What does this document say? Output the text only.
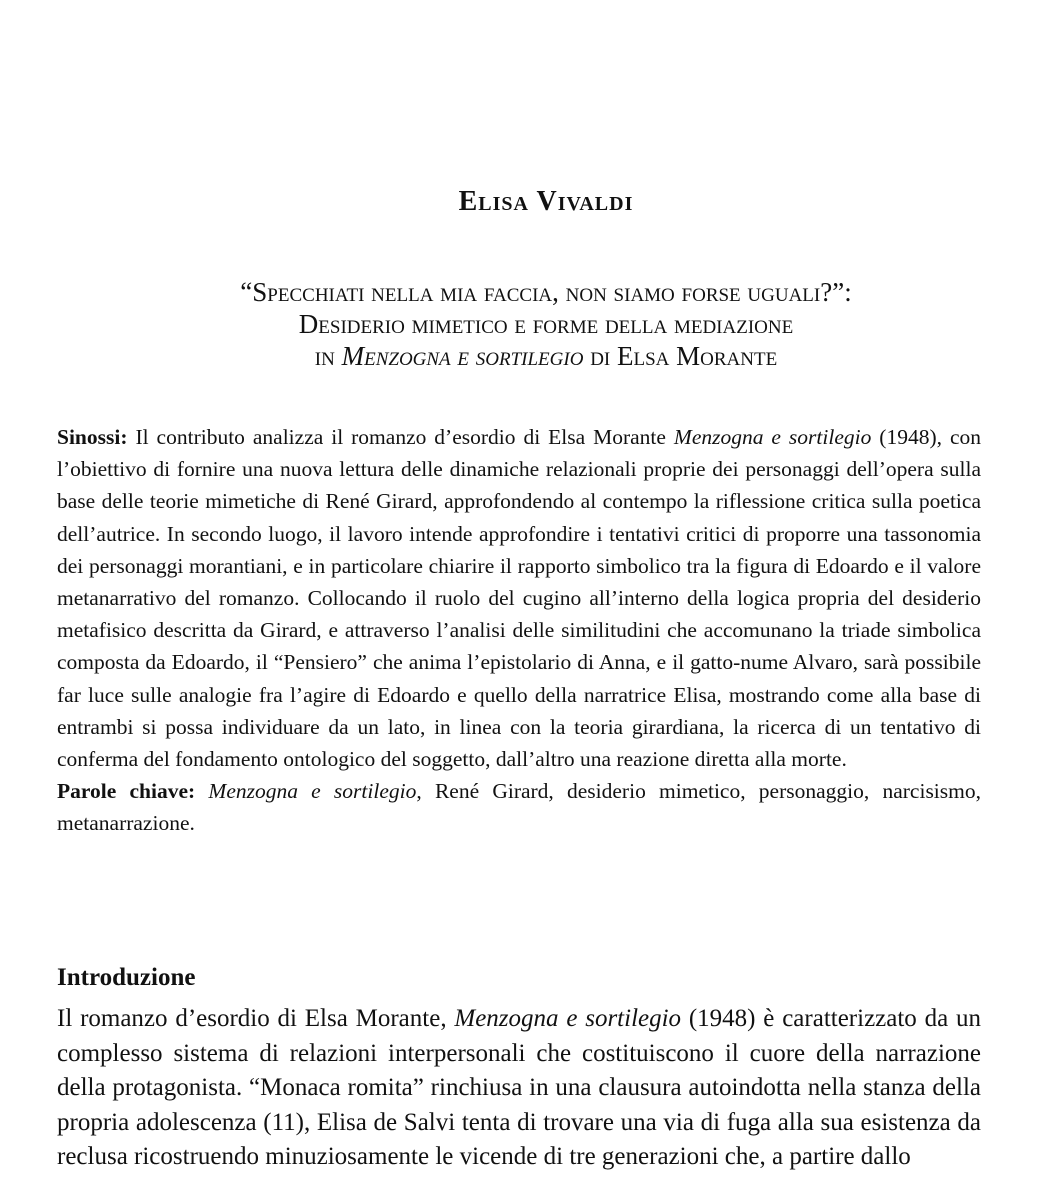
Elisa Vivaldi
“Specchiati nella mia faccia, non siamo forse uguali?”:
Desiderio mimetico e forme della mediazione
in Menzogna e sortilegio di Elsa Morante

Sinossi: Il contributo analizza il romanzo d’esordio di Elsa Morante Menzogna e sortilegio (1948), con l’obiettivo di fornire una nuova lettura delle dinamiche relazionali proprie dei personaggi dell’opera sulla base delle teorie mimetiche di René Girard, approfondendo al contempo la riflessione critica sulla poetica dell’autrice. In secondo luogo, il lavoro intende approfondire i tentativi critici di proporre una tassonomia dei personaggi morantiani, e in particolare chiarire il rapporto simbolico tra la figura di Edoardo e il valore metanarrativo del romanzo. Collocando il ruolo del cugino all’interno della logica propria del desiderio metafisico descritta da Girard, e attraverso l’analisi delle similitudini che accomunano la triade simbolica composta da Edoardo, il “Pensiero” che anima l’epistolario di Anna, e il gatto-nume Alvaro, sarà possibile far luce sulle analogie fra l’agire di Edoardo e quello della narratrice Elisa, mostrando come alla base di entrambi si possa individuare da un lato, in linea con la teoria girardiana, la ricerca di un tentativo di conferma del fondamento ontologico del soggetto, dall’altro una reazione diretta alla morte.

Parole chiave: Menzogna e sortilegio, René Girard, desiderio mimetico, personaggio, narcisismo, metanarrazione.

Introduzione

Il romanzo d’esordio di Elsa Morante, Menzogna e sortilegio (1948) è caratterizzato da un complesso sistema di relazioni interpersonali che costituiscono il cuore della narrazione della protagonista. “Monaca romita” rinchiusa in una clausura autoindotta nella stanza della propria adolescenza (11), Elisa de Salvi tenta di trovare una via di fuga alla sua esistenza da reclusa ricostruendo minuziosamente le vicende di tre generazioni che, a partire dallo
